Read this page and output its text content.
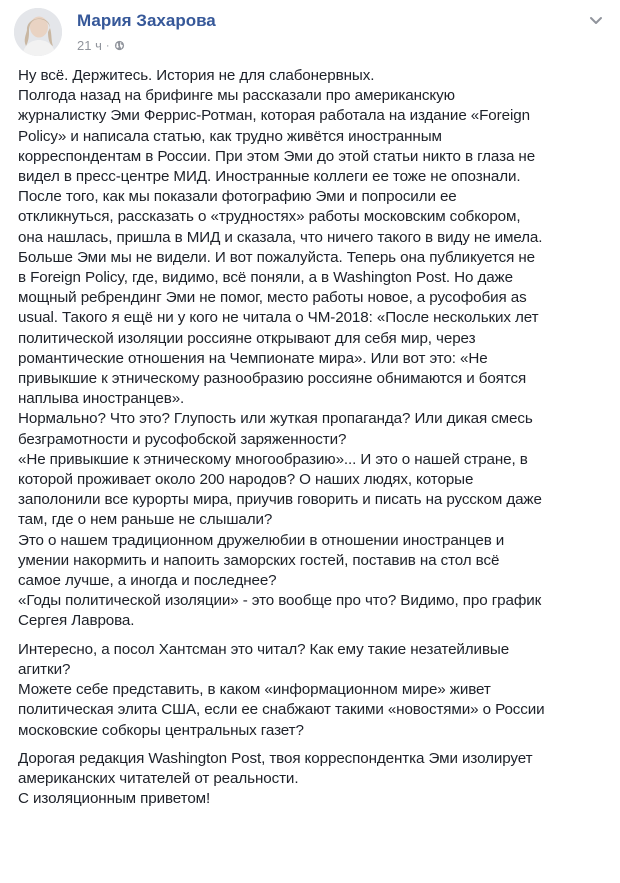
Мария Захарова
21 ч ·

Ну всё. Держитесь. История не для слабонервных.
Полгода назад на брифинге мы рассказали про американскую
журналистку Эми Феррис-Ротман, которая работала на издание «Foreign
Policy» и написала статью, как трудно живётся иностранным
корреспондентам в России. При этом Эми до этой статьи никто в глаза не
видел в пресс-центре МИД. Иностранные коллеги ее тоже не опознали.
После того, как мы показали фотографию Эми и попросили ее
откликнуться, рассказать о «трудностях» работы московским собкором,
она нашлась, пришла в МИД и сказала, что ничего такого в виду не имела.
Больше Эми мы не видели. И вот пожалуйста. Теперь она публикуется не
в Foreign Policy, где, видимо, всё поняли, а в Washington Post. Но даже
мощный ребрендинг Эми не помог, место работы новое, а русофобия as
usual. Такого я ещё ни у кого не читала о ЧМ-2018: «После нескольких лет
политической изоляции россияне открывают для себя мир, через
романтические отношения на Чемпионате мира». Или вот это: «Не
привыкшие к этническому разнообразию россияне обнимаются и боятся
наплыва иностранцев».
Нормально? Что это? Глупость или жуткая пропаганда? Или дикая смесь
безграмотности и русофобской заряженности?
«Не привыкшие к этническому многообразию»... И это о нашей стране, в
которой проживает около 200 народов? О наших людях, которые
заполонили все курорты мира, приучив говорить и писать на русском даже
там, где о нем раньше не слышали?
Это о нашем традиционном дружелюбии в отношении иностранцев и
умении накормить и напоить заморских гостей, поставив на стол всё
самое лучше, а иногда и последнее?
«Годы политической изоляции» - это вообще про что? Видимо, про график
Сергея Лаврова.

Интересно, а посол Хантсман это читал? Как ему такие незатейливые
агитки?
Можете себе представить, в каком «информационном мире» живет
политическая элита США, если ее снабжают такими «новостями» о России
московские собкоры центральных газет?

Дорогая редакция Washington Post, твоя корреспондентка Эми изолирует
американских читателей от реальности.
С изоляционным приветом!
